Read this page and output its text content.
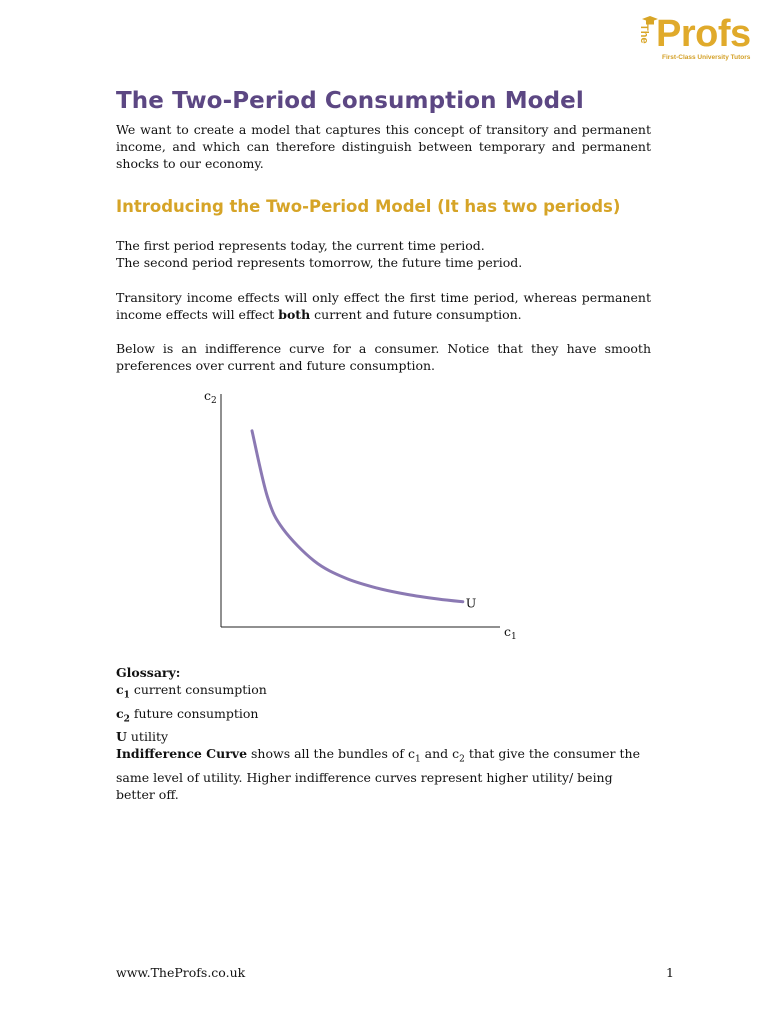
The Profs
First-Class University Tutors
The Two-Period Consumption Model

We want to create a model that captures this concept of transitory and permanent income, and which can therefore distinguish between temporary and permanent shocks to our economy.

Introducing the Two-Period Model (It has two periods)

The first period represents today, the current time period.
The second period represents tomorrow, the future time period.

Transitory income effects will only effect the first time period, whereas permanent income effects will effect both current and future consumption.

Below is an indifference curve for a consumer. Notice that they have smooth preferences over current and future consumption.

$c_2$
$c_1$
U
Glossary:
$c_1$ current consumption
$c_2$ future consumption
U utility
Indifference Curve shows all the bundles of $c_1$ and $c_2$ that give the consumer the
same level of utility. Higher indifference curves represent higher utility/ being
better off.
www.TheProfs.co.uk	1
